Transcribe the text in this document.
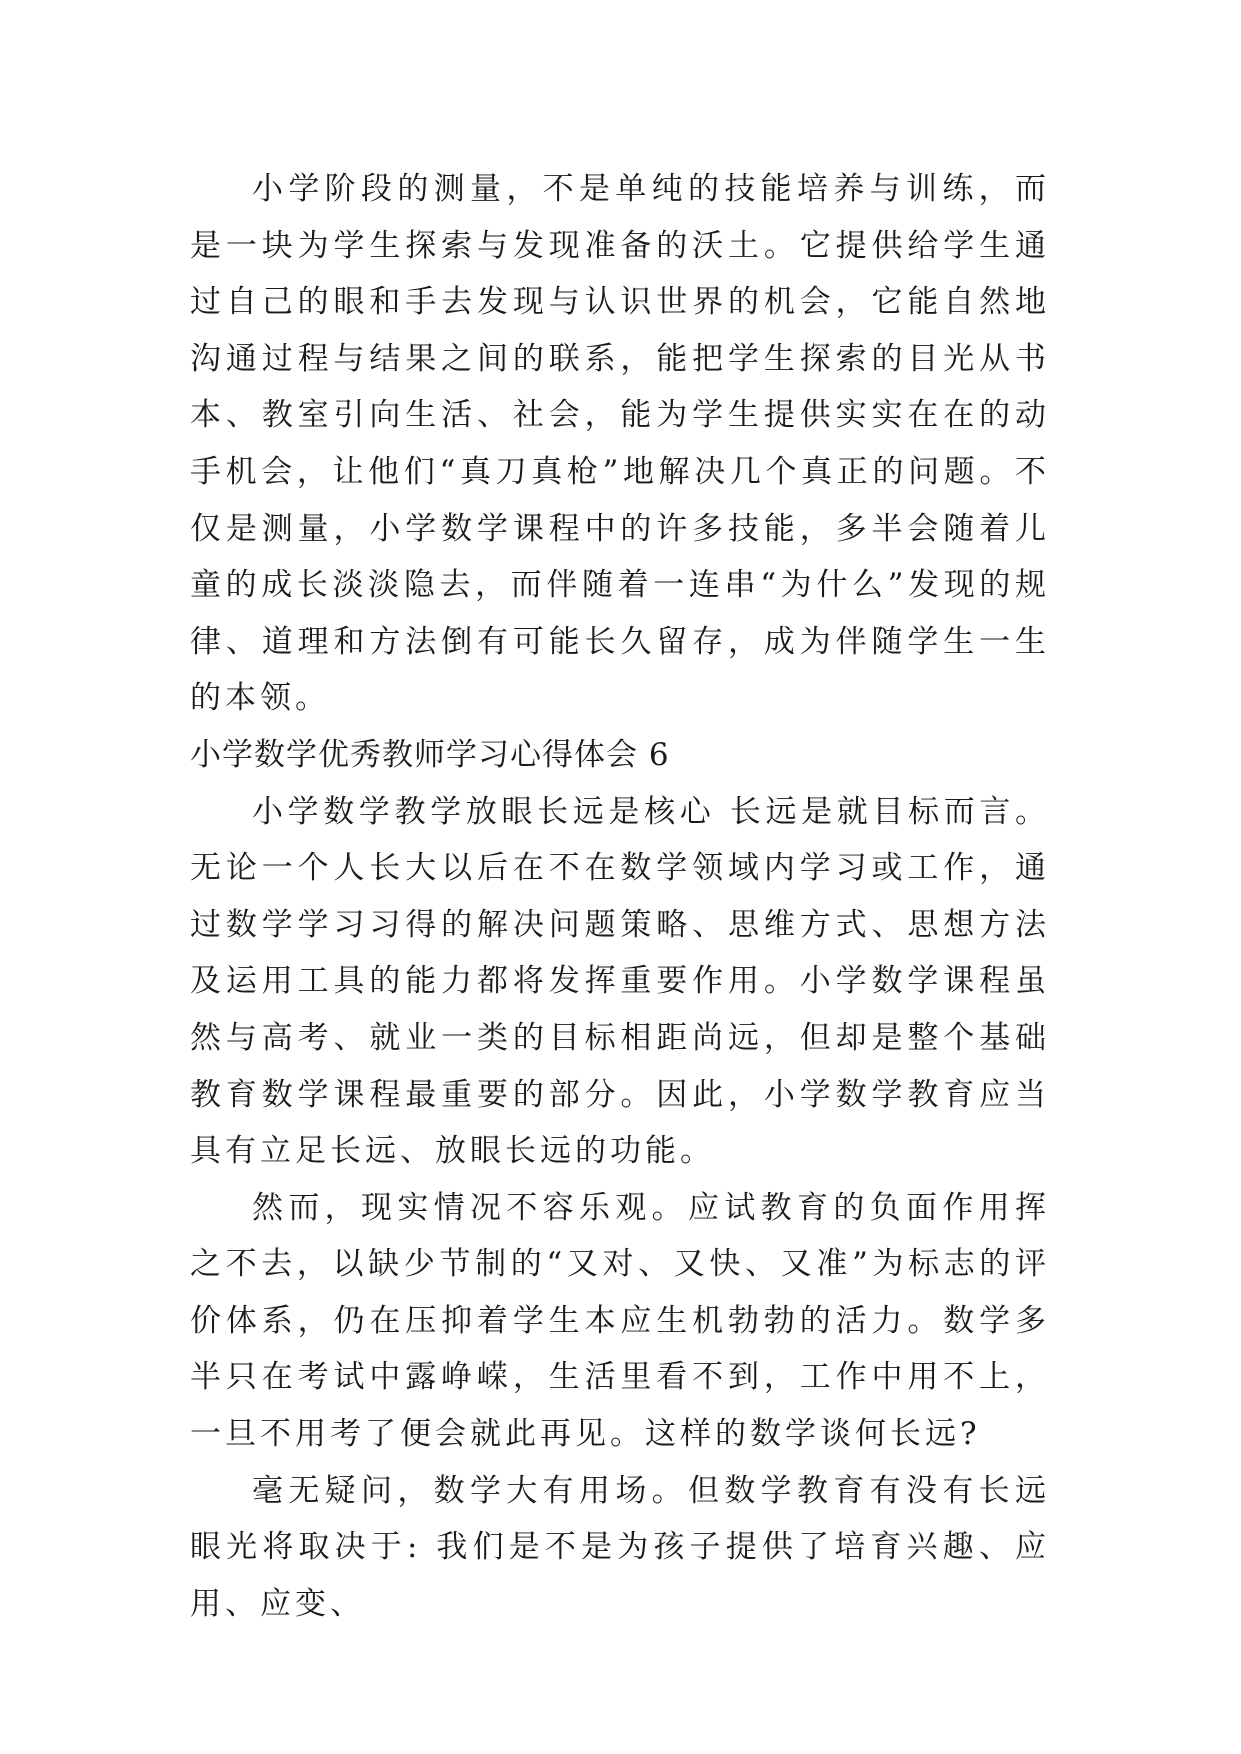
小学阶段的测量，不是单纯的技能培养与训练，而是一块为学生探索与发现准备的沃土。它提供给学生通过自己的眼和手去发现与认识世界的机会，它能自然地沟通过程与结果之间的联系，能把学生探索的目光从书本、教室引向生活、社会，能为学生提供实实在在的动手机会，让他们“真刀真枪”地解决几个真正的问题。不仅是测量，小学数学课程中的许多技能，多半会随着儿童的成长淡淡隐去，而伴随着一连串“为什么”发现的规律、道理和方法倒有可能长久留存，成为伴随学生一生的本领。

小学数学优秀教师学习心得体会 6

小学数学教学放眼长远是核心 长远是就目标而言。无论一个人长大以后在不在数学领域内学习或工作，通过数学学习习得的解决问题策略、思维方式、思想方法及运用工具的能力都将发挥重要作用。小学数学课程虽然与高考、就业一类的目标相距尚远，但却是整个基础教育数学课程最重要的部分。因此，小学数学教育应当具有立足长远、放眼长远的功能。

然而，现实情况不容乐观。应试教育的负面作用挥之不去，以缺少节制的“又对、又快、又准”为标志的评价体系，仍在压抑着学生本应生机勃勃的活力。数学多半只在考试中露峥嵘，生活里看不到，工作中用不上，一旦不用考了便会就此再见。这样的数学谈何长远?

毫无疑问，数学大有用场。但数学教育有没有长远眼光将取决于: 我们是不是为孩子提供了培育兴趣、应用、应变、
